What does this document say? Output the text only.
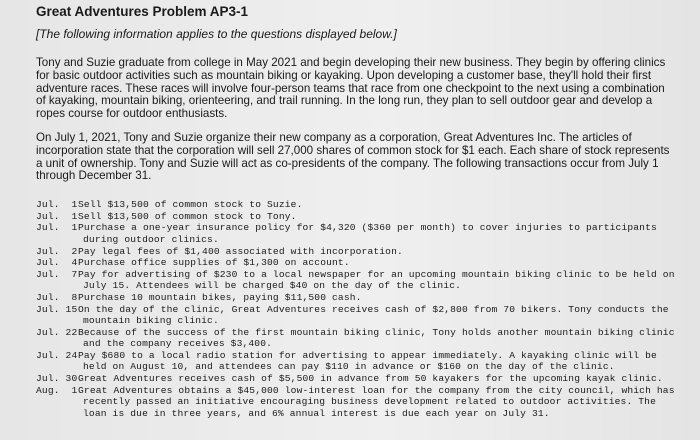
Great Adventures Problem AP3-1
[The following information applies to the questions displayed below.]

Tony and Suzie graduate from college in May 2021 and begin developing their new business. They begin by offering clinics for basic outdoor activities such as mountain biking or kayaking. Upon developing a customer base, they'll hold their first adventure races. These races will involve four-person teams that race from one checkpoint to the next using a combination of kayaking, mountain biking, orienteering, and trail running. In the long run, they plan to sell outdoor gear and develop a ropes course for outdoor enthusiasts.

On July 1, 2021, Tony and Suzie organize their new company as a corporation, Great Adventures Inc. The articles of incorporation state that the corporation will sell 27,000 shares of common stock for $1 each. Each share of stock represents a unit of ownership. Tony and Suzie will act as co-presidents of the company. The following transactions occur from July 1 through December 31.

Jul.  1 Sell $13,500 of common stock to Suzie.
Jul.  1 Sell $13,500 of common stock to Tony.
Jul.  1 Purchase a one-year insurance policy for $4,320 ($360 per month) to cover injuries to participants during outdoor clinics.
Jul.  2 Pay legal fees of $1,400 associated with incorporation.
Jul.  4 Purchase office supplies of $1,300 on account.
Jul.  7 Pay for advertising of $230 to a local newspaper for an upcoming mountain biking clinic to be held on July 15. Attendees will be charged $40 on the day of the clinic.
Jul.  8 Purchase 10 mountain bikes, paying $11,500 cash.
Jul. 15 On the day of the clinic, Great Adventures receives cash of $2,800 from 70 bikers. Tony conducts the mountain biking clinic.
Jul. 22 Because of the success of the first mountain biking clinic, Tony holds another mountain biking clinic and the company receives $3,400.
Jul. 24 Pay $680 to a local radio station for advertising to appear immediately. A kayaking clinic will be held on August 10, and attendees can pay $110 in advance or $160 on the day of the clinic.
Jul. 30 Great Adventures receives cash of $5,500 in advance from 50 kayakers for the upcoming kayak clinic.
Aug.  1 Great Adventures obtains a $45,000 low-interest loan for the company from the city council, which has recently passed an initiative encouraging business development related to outdoor activities. The loan is due in three years, and 6% annual interest is due each year on July 31.
